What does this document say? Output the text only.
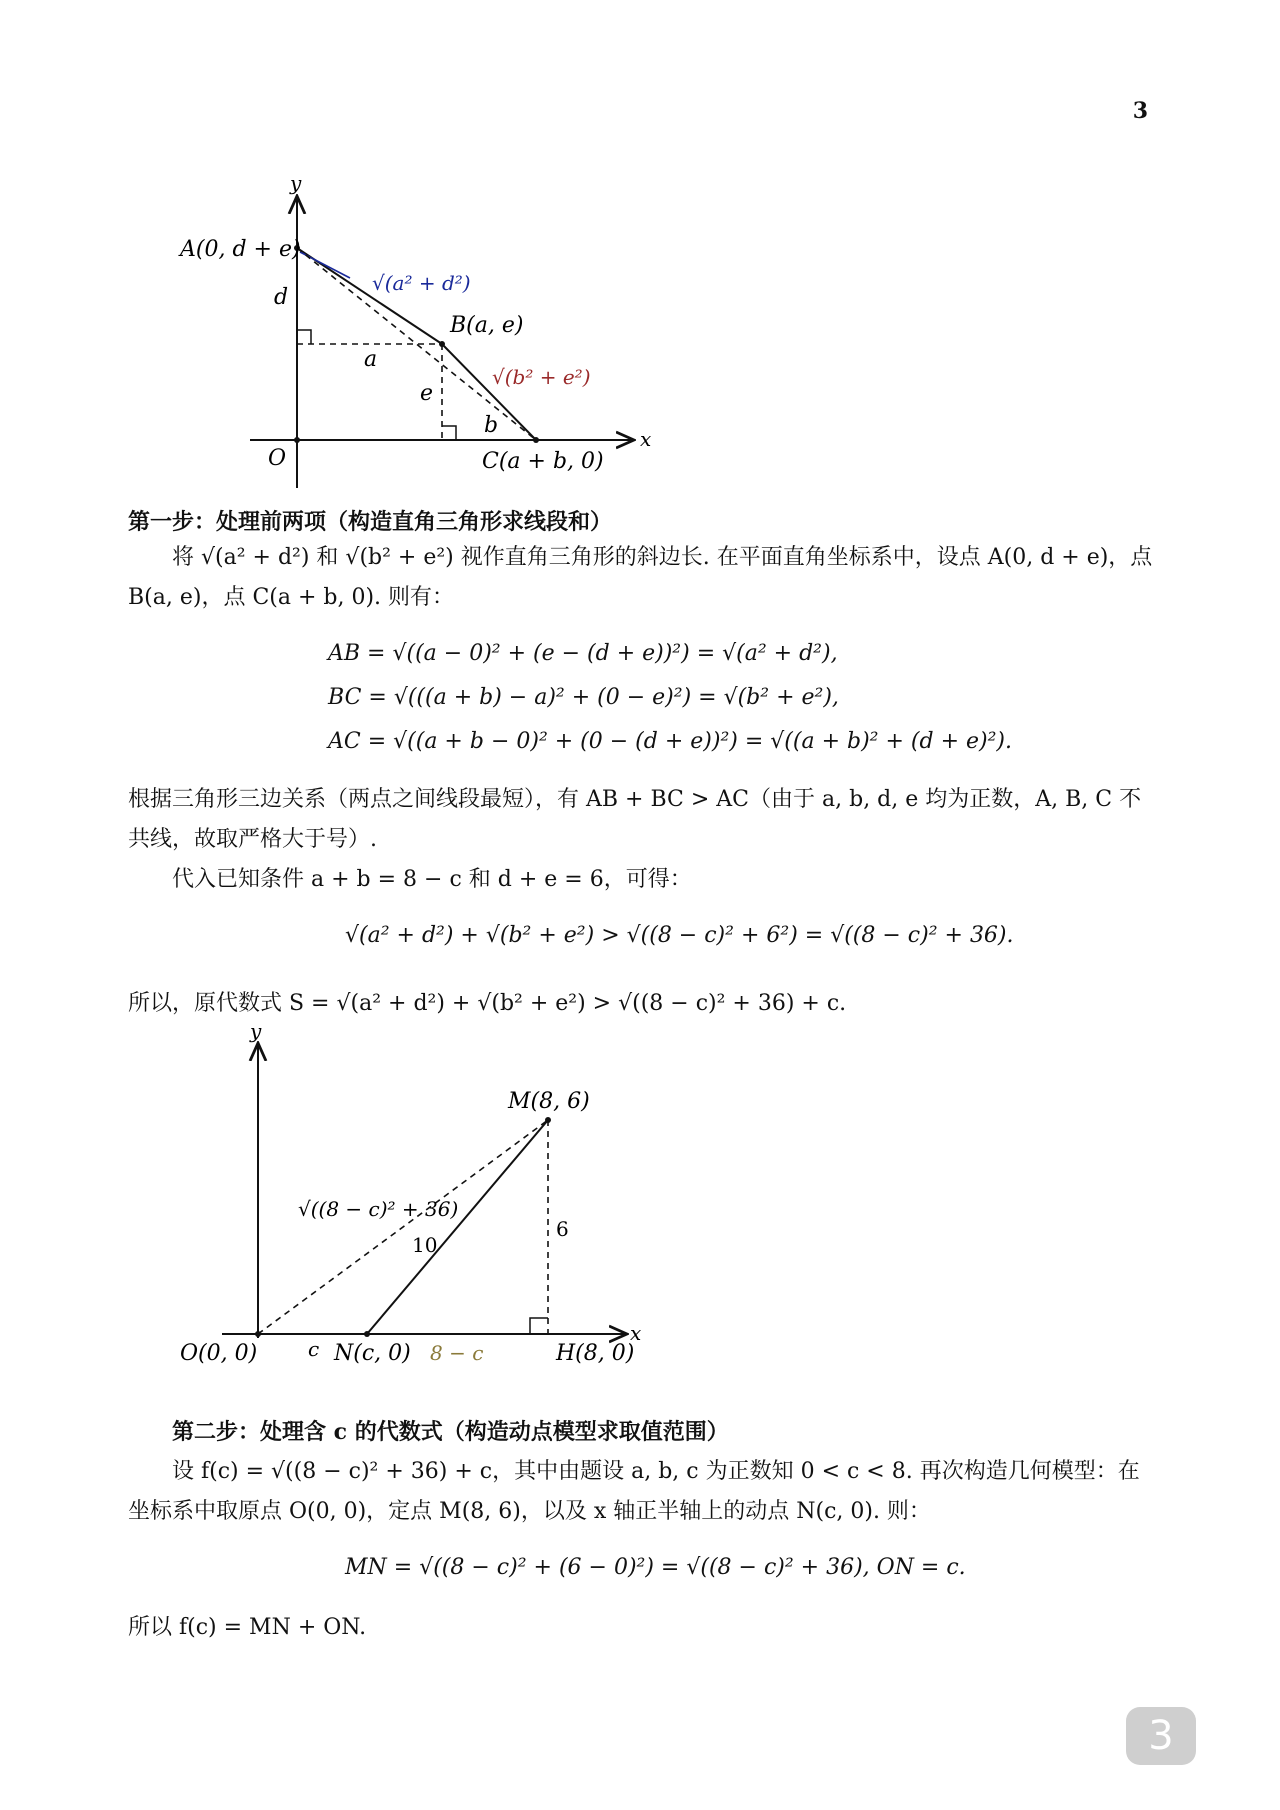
3
y
x
O
A(0, d + e)
B(a, e)
C(a + b, 0)
d
a
e
b
√(a² + d²)
√(b² + e²)
第一步：处理前两项（构造直角三角形求线段和）
将 √(a² + d²) 和 √(b² + e²) 视作直角三角形的斜边长. 在平面直角坐标系中，设点 A(0, d + e)，点 B(a, e)，点 C(a + b, 0). 则有：
AB = √((a − 0)² + (e − (d + e))²) = √(a² + d²),
BC = √(((a + b) − a)² + (0 − e)²) = √(b² + e²),
AC = √((a + b − 0)² + (0 − (d + e))²) = √((a + b)² + (d + e)²).
根据三角形三边关系（两点之间线段最短），有 AB + BC > AC（由于 a, b, d, e 均为正数，A, B, C 不共线，故取严格大于号）.
代入已知条件 a + b = 8 − c 和 d + e = 6，可得：
√(a² + d²) + √(b² + e²) > √((8 − c)² + 6²) = √((8 − c)² + 36).
所以，原代数式 S = √(a² + d²) + √(b² + e²) > √((8 − c)² + 36) + c.
y
x
O(0, 0)	c N(c, 0) 8 − c	H(8, 0)
M(8, 6)
6
10
√((8 − c)² + 36)
第二步：处理含 c 的代数式（构造动点模型求取值范围）
设 f(c) = √((8 − c)² + 36) + c，其中由题设 a, b, c 为正数知 0 < c < 8. 再次构造几何模型：在坐标系中取原点 O(0, 0)，定点 M(8, 6)，以及 x 轴正半轴上的动点 N(c, 0). 则：
MN = √((8 − c)² + (6 − 0)²) = √((8 − c)² + 36), ON = c.
所以 f(c) = MN + ON.
3
